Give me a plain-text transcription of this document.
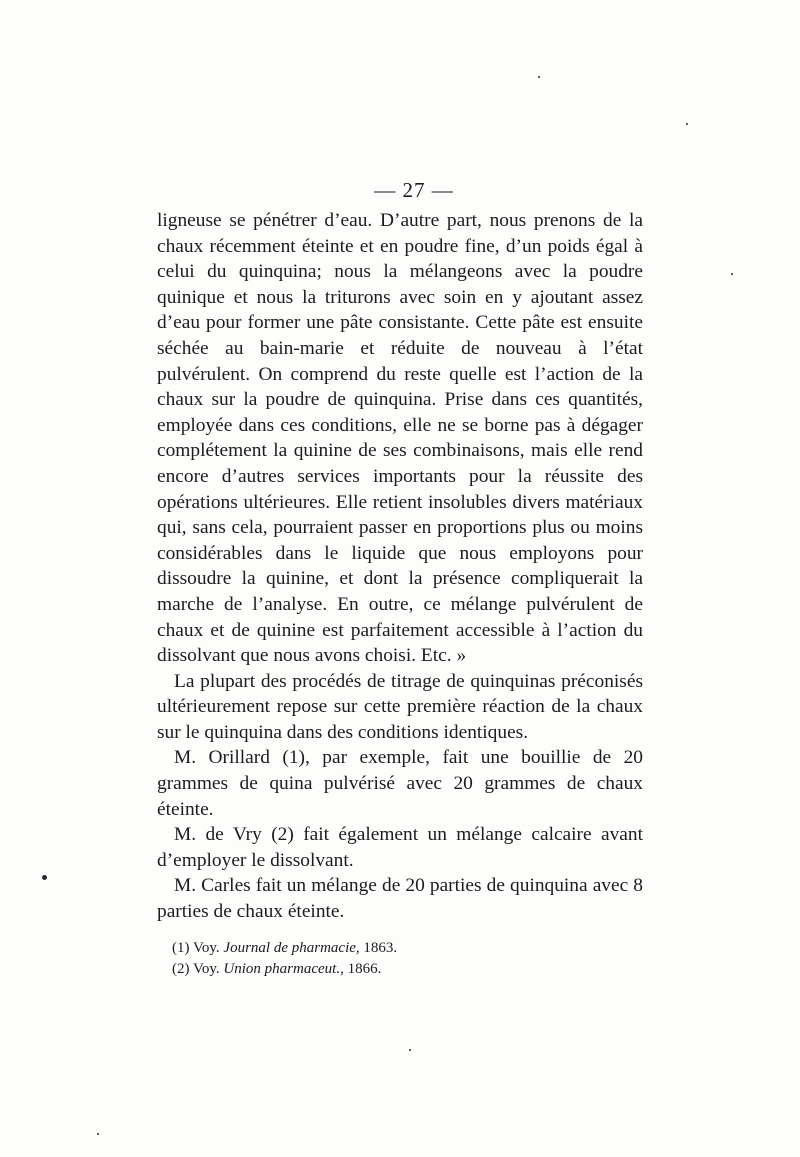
— 27 —

ligneuse se pénétrer d’eau. D’autre part, nous prenons de la chaux récemment éteinte et en poudre fine, d’un poids égal à celui du quinquina; nous la mélangeons avec la poudre quinique et nous la triturons avec soin en y ajoutant assez d’eau pour former une pâte consistante. Cette pâte est ensuite séchée au bain-marie et réduite de nouveau à l’état pulvérulent. On comprend du reste quelle est l’action de la chaux sur la poudre de quinquina. Prise dans ces quantités, employée dans ces conditions, elle ne se borne pas à dégager complétement la quinine de ses combinaisons, mais elle rend encore d’autres services importants pour la réussite des opérations ultérieures. Elle retient insolubles divers matériaux qui, sans cela, pourraient passer en proportions plus ou moins considérables dans le liquide que nous employons pour dissoudre la quinine, et dont la présence compliquerait la marche de l’analyse. En outre, ce mélange pulvérulent de chaux et de quinine est parfaitement accessible à l’action du dissolvant que nous avons choisi. Etc. »

La plupart des procédés de titrage de quinquinas préconisés ultérieurement repose sur cette première réaction de la chaux sur le quinquina dans des conditions identiques.

M. Orillard (1), par exemple, fait une bouillie de 20 grammes de quina pulvérisé avec 20 grammes de chaux éteinte.

M. de Vry (2) fait également un mélange calcaire avant d’employer le dissolvant.

M. Carles fait un mélange de 20 parties de quinquina avec 8 parties de chaux éteinte.

(1) Voy. Journal de pharmacie, 1863.

(2) Voy. Union pharmaceut., 1866.
